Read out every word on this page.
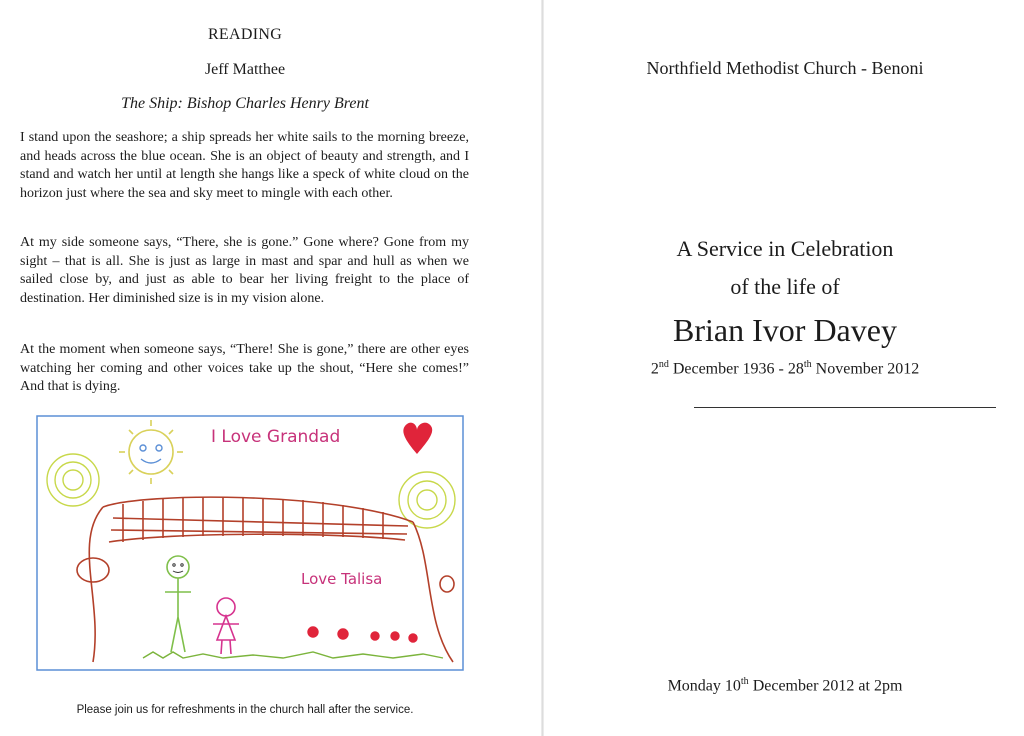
READING
Jeff Matthee
The Ship: Bishop Charles Henry Brent

I stand upon the seashore; a ship spreads her white sails to the morning breeze, and heads across the blue ocean. She is an object of beauty and strength, and I stand and watch her until at length she hangs like a speck of white cloud on the horizon just where the sea and sky meet to mingle with each other.

At my side someone says, “There, she is gone.” Gone where? Gone from my sight – that is all. She is just as large in mast and spar and hull as when we sailed close by, and just as able to bear her living freight to the place of destination. Her diminished size is in my vision alone.

At the moment when someone says, “There! She is gone,” there are other eyes watching her coming and other voices take up the shout, “Here she comes!” And that is dying.

I Love Grandad
Love Talisa
Please join us for refreshments in the church hall after the service.
Northfield Methodist Church - Benoni
A Service in Celebration
of the life of
Brian Ivor Davey
2nd December 1936 - 28th November 2012
Monday 10th December 2012 at 2pm
